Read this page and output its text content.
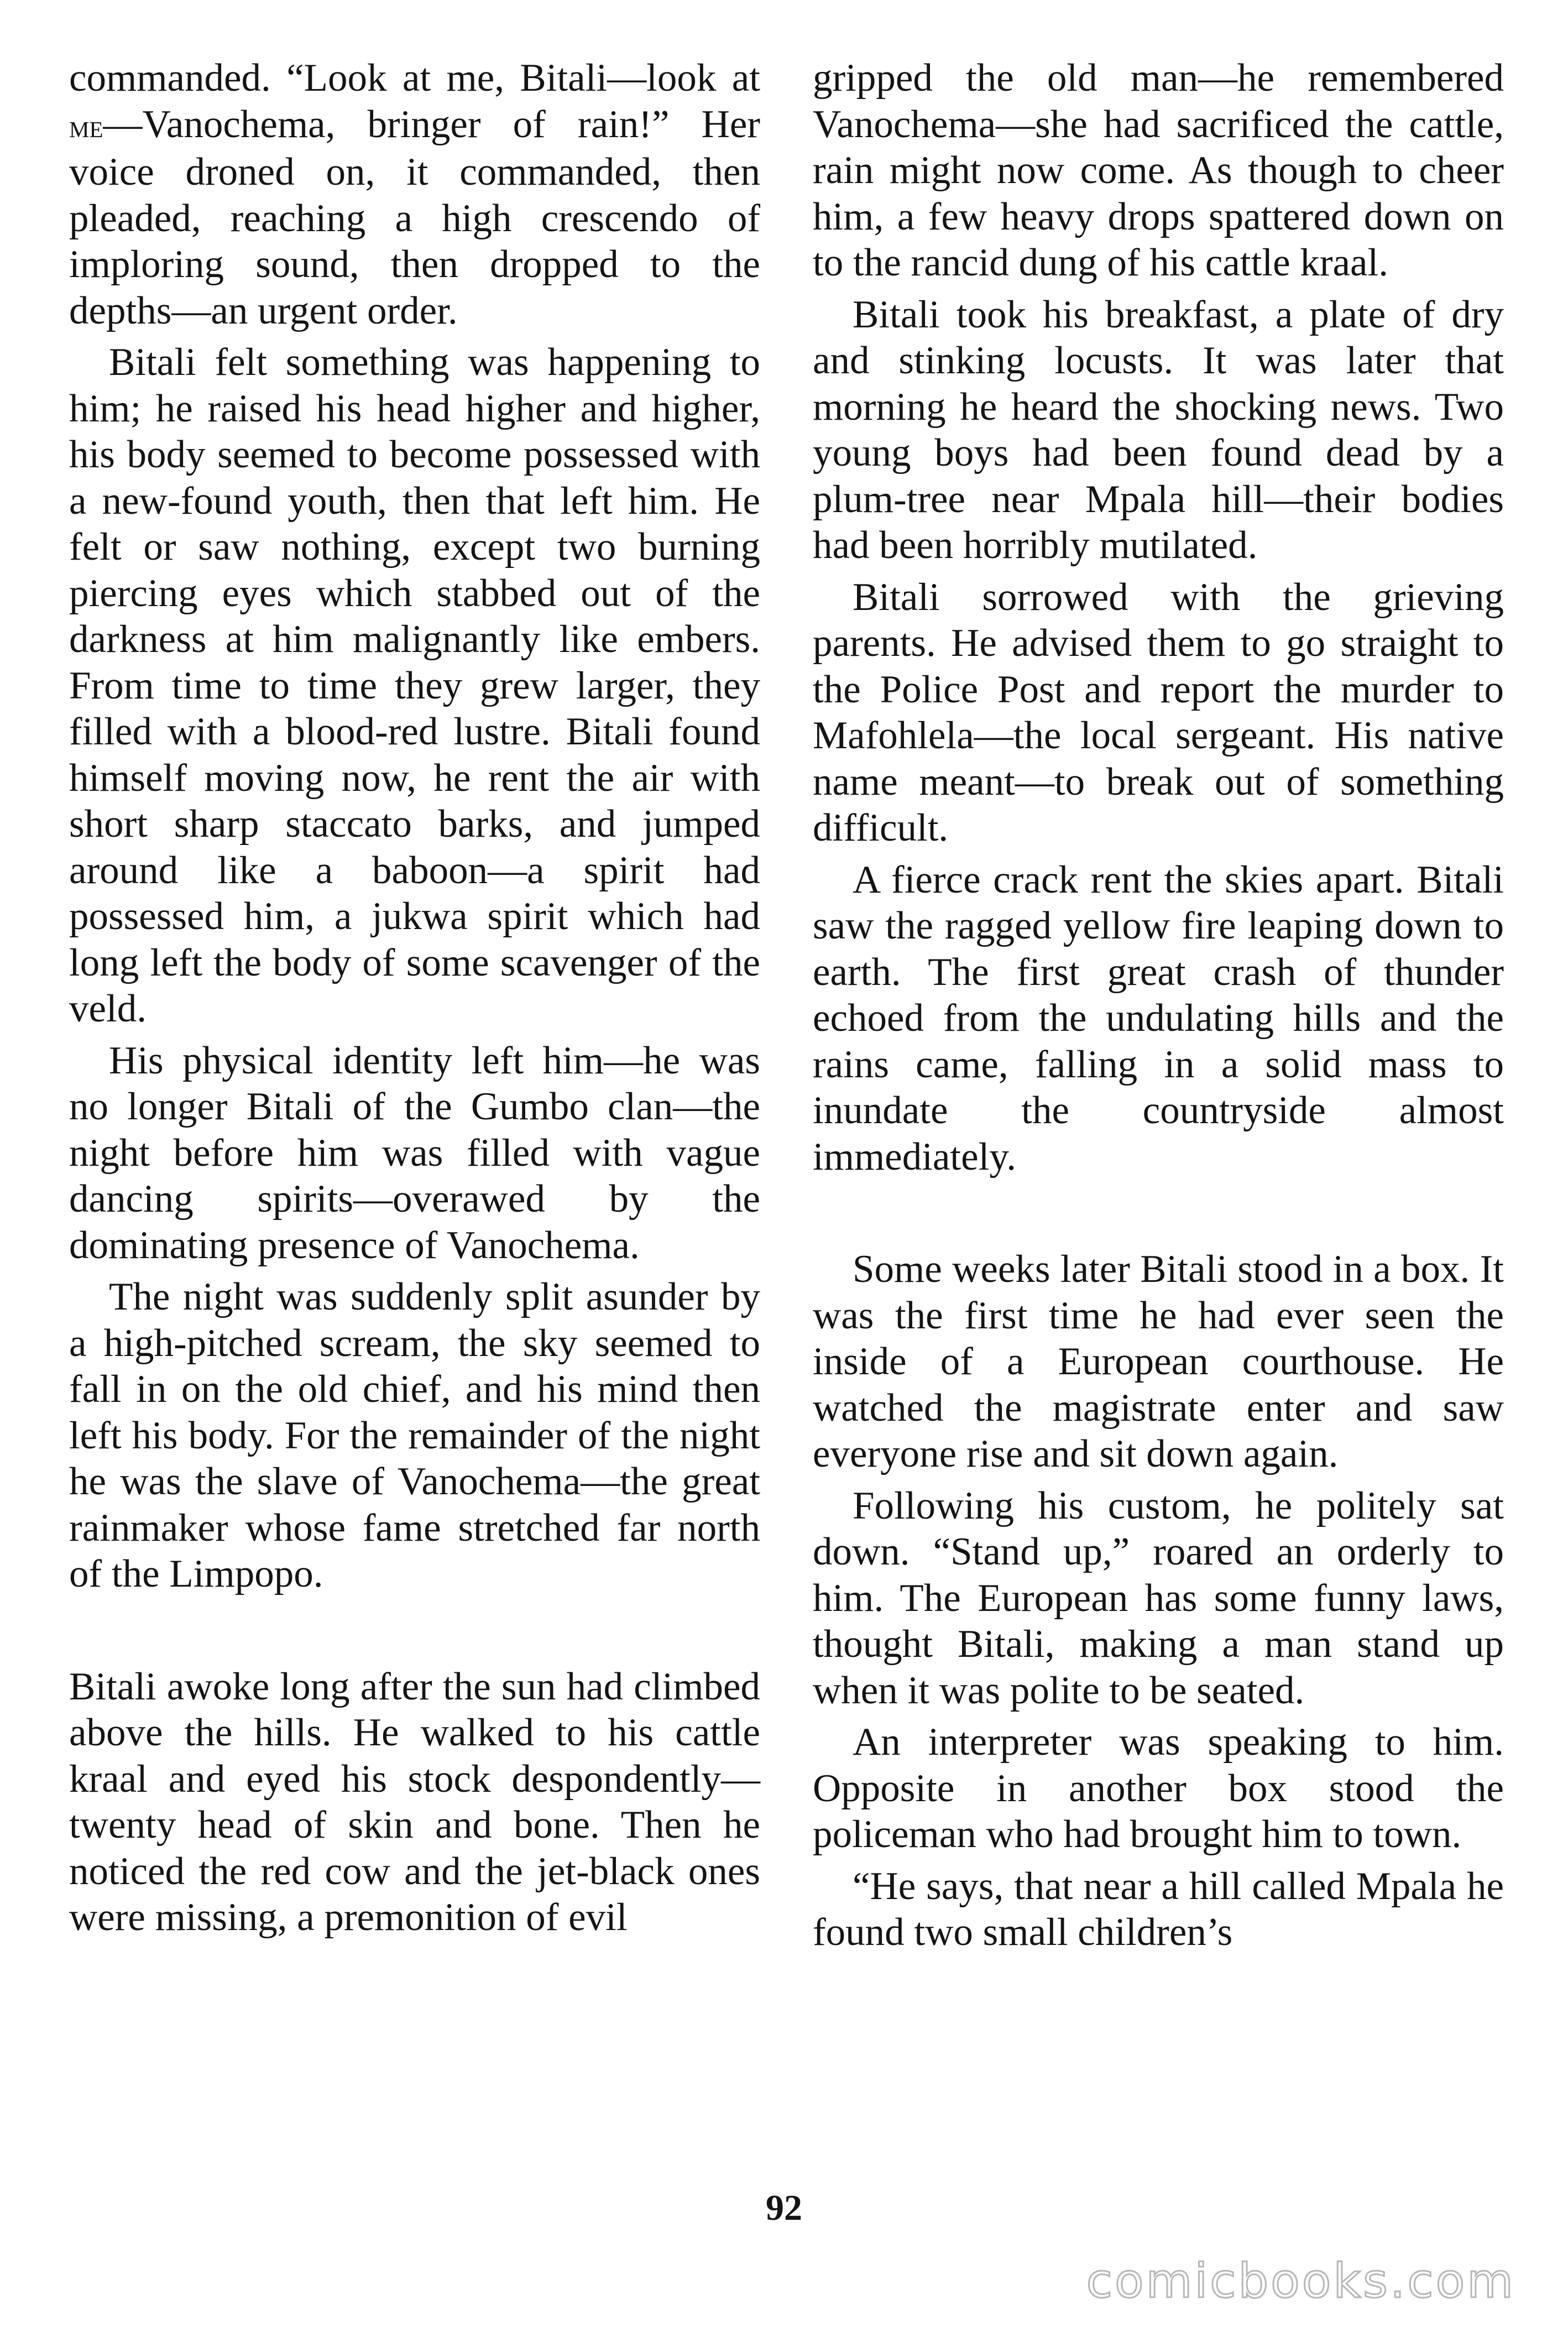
commanded. “Look at me, Bitali—look at me—Vanochema, bringer of rain!” Her voice droned on, it commanded, then pleaded, reaching a high crescendo of imploring sound, then dropped to the depths—an urgent order.

Bitali felt something was happening to him; he raised his head higher and higher, his body seemed to become possessed with a new-found youth, then that left him. He felt or saw nothing, except two burning piercing eyes which stabbed out of the darkness at him malignantly like embers. From time to time they grew larger, they filled with a blood-red lustre. Bitali found himself moving now, he rent the air with short sharp staccato barks, and jumped around like a baboon—a spirit had possessed him, a jukwa spirit which had long left the body of some scavenger of the veld.

His physical identity left him—he was no longer Bitali of the Gumbo clan—the night before him was filled with vague dancing spirits—overawed by the dominating presence of Vanochema.

The night was suddenly split asunder by a high-pitched scream, the sky seemed to fall in on the old chief, and his mind then left his body. For the remainder of the night he was the slave of Vanochema—the great rainmaker whose fame stretched far north of the Limpopo.

Bitali awoke long after the sun had climbed above the hills. He walked to his cattle kraal and eyed his stock despondently—twenty head of skin and bone. Then he noticed the red cow and the jet-black ones were missing, a premonition of evil

gripped the old man—he remembered Vanochema—she had sacrificed the cattle, rain might now come. As though to cheer him, a few heavy drops spattered down on to the rancid dung of his cattle kraal.

Bitali took his breakfast, a plate of dry and stinking locusts. It was later that morning he heard the shocking news. Two young boys had been found dead by a plum-tree near Mpala hill—their bodies had been horribly mutilated.

Bitali sorrowed with the grieving parents. He advised them to go straight to the Police Post and report the murder to Mafohlela—the local sergeant. His native name meant—to break out of something difficult.

A fierce crack rent the skies apart. Bitali saw the ragged yellow fire leaping down to earth. The first great crash of thunder echoed from the undulating hills and the rains came, falling in a solid mass to inundate the countryside almost immediately.

Some weeks later Bitali stood in a box. It was the first time he had ever seen the inside of a European courthouse. He watched the magistrate enter and saw everyone rise and sit down again.

Following his custom, he politely sat down. “Stand up,” roared an orderly to him. The European has some funny laws, thought Bitali, making a man stand up when it was polite to be seated.

An interpreter was speaking to him. Opposite in another box stood the policeman who had brought him to town.

“He says, that near a hill called Mpala he found two small children’s

92
comicbooks.com
